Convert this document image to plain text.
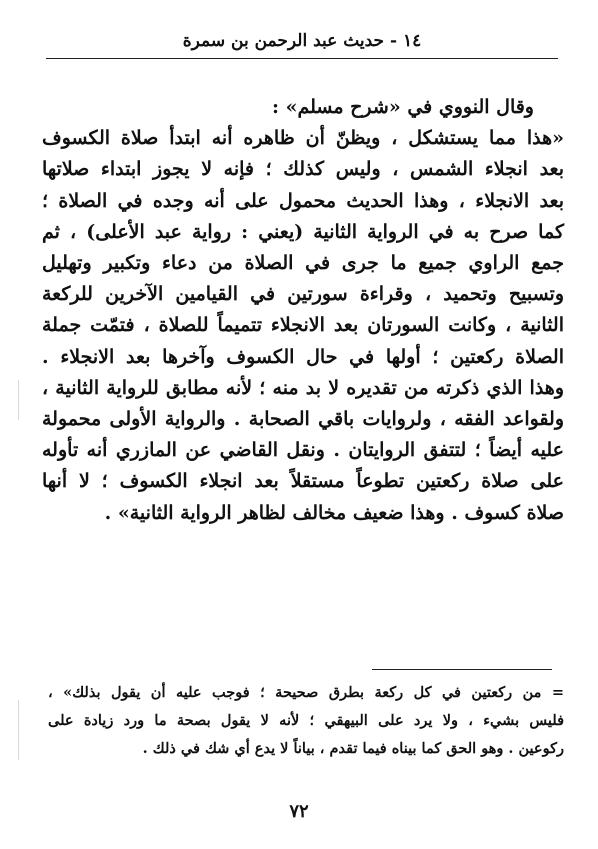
١٤ - حديث عبد الرحمن بن سمرة
وقال النووي في «شرح مسلم» :
«هذا مما يستشكل ، ويظنّ أن ظاهره أنه ابتدأ صلاة الكسوف
بعد انجلاء الشمس ، وليس كذلك ؛ فإنه لا يجوز ابتداء صلاتها
بعد الانجلاء ، وهذا الحديث محمول على أنه وجده في الصلاة ؛
كما صرح به في الرواية الثانية (يعني : رواية عبد الأعلى) ، ثم
جمع الراوي جميع ما جرى في الصلاة من دعاء وتكبير وتهليل
وتسبيح وتحميد ، وقراءة سورتين في القيامين الآخرين للركعة
الثانية ، وكانت السورتان بعد الانجلاء تتميماً للصلاة ، فتمّت جملة
الصلاة ركعتين ؛ أولها في حال الكسوف وآخرها بعد الانجلاء .
وهذا الذي ذكرته من تقديره لا بد منه ؛ لأنه مطابق للرواية الثانية ،
ولقواعد الفقه ، ولروايات باقي الصحابة . والرواية الأولى محمولة
عليه أيضاً ؛ لتتفق الروايتان . ونقل القاضي عن المازري أنه تأوله
على صلاة ركعتين تطوعاً مستقلاً بعد انجلاء الكسوف ؛ لا أنها
صلاة كسوف . وهذا ضعيف مخالف لظاهر الرواية الثانية» .
= من ركعتين في كل ركعة بطرق صحيحة ؛ فوجب عليه أن يقول بذلك» ،
فليس بشيء ، ولا يرد على البيهقي ؛ لأنه لا يقول بصحة ما ورد زيادة على
ركوعين . وهو الحق كما بيناه فيما تقدم ، بياناً لا يدع أي شك في ذلك .
٧٢
